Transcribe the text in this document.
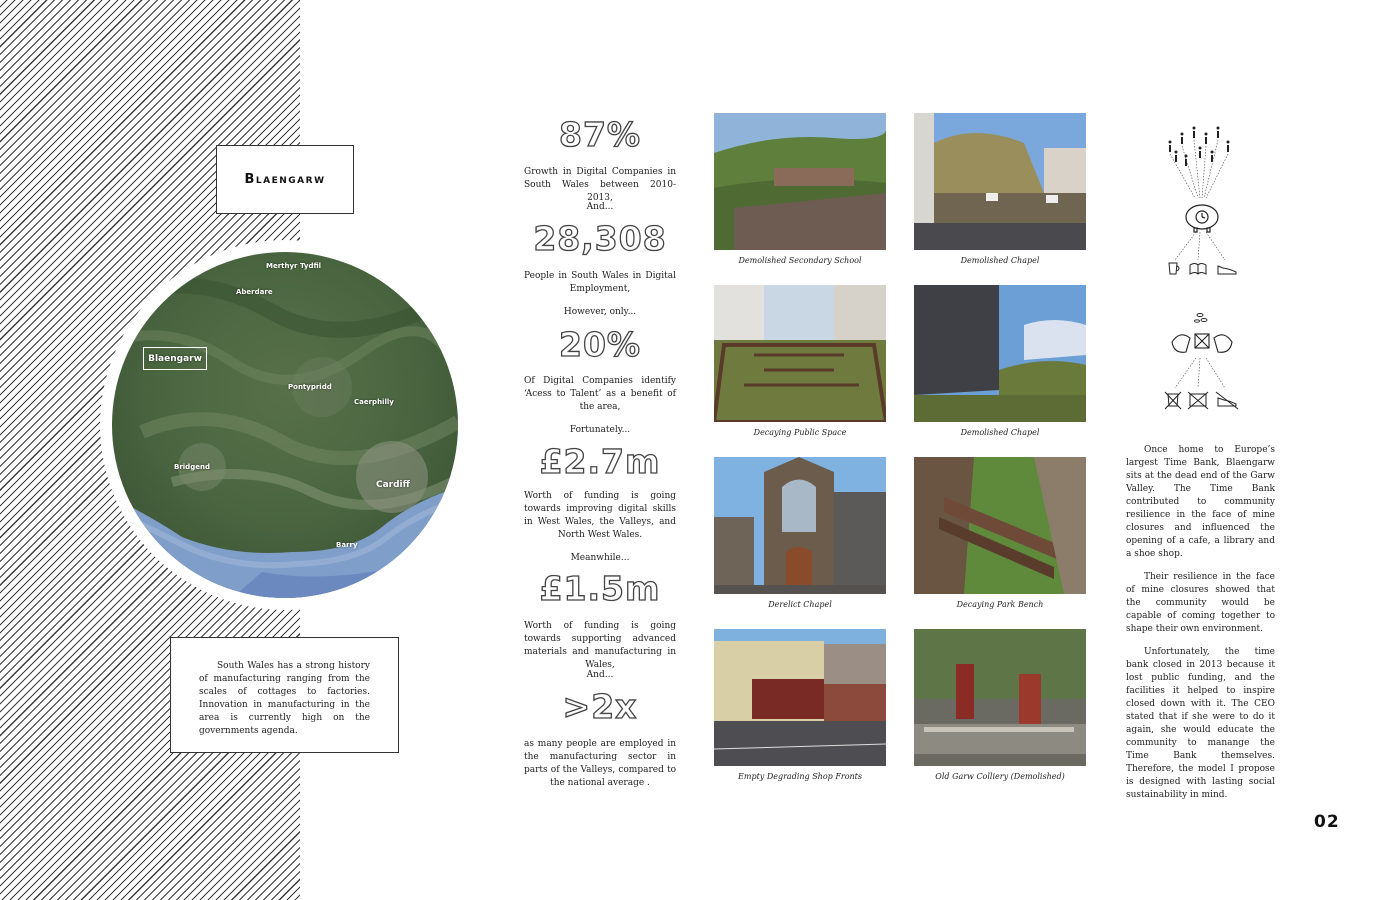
Blaengarw
Merthyr Tydfil
Aberdare
Pontypridd
Caerphilly
Bridgend
Cardiff
Barry
Blaengarw

South Wales has a strong history of manufacturing ranging from the scales of cottages to factories. Innovation in manufacturing in the area is currently high on the governments agenda.

87%
Growth in Digital Companies in South Wales between 2010-2013,
And...
28,308
People in South Wales in Digital Employment,
However, only...
20%
Of Digital Companies identify ‘Acess to Talent’ as a benefit of the area,
Fortunately...
£2.7m
Worth of funding is going towards improving digital skills in West Wales, the Valleys, and North West Wales.
Meanwhile...
£1.5m
Worth of funding is going towards supporting advanced materials and manufacturing in Wales,
And...
>2x
as many people are employed in the manufacturing sector in parts of the Valleys, compared to the national average .
Demolished Secondary School	Demolished Chapel
Decaying Public Space	Demolished Chapel
Derelict Chapel	Decaying Park Bench
Empty Degrading Shop Fronts	Old Garw Colliery (Demolished)

Once home to Europe’s largest Time Bank, Blaengarw sits at the dead end of the Garw Valley. The Time Bank contributed to community resilience in the face of mine closures and influenced the opening of a cafe, a library and a shoe shop.

Their resilience in the face of mine closures showed that the community would be capable of coming together to shape their own environment.

Unfortunately, the time bank closed in 2013 because it lost public funding, and the facilities it helped to inspire closed down with it. The CEO stated that if she were to do it again, she would educate the community to manange the Time Bank themselves. Therefore, the model I propose is designed with lasting social sustainability in mind.

02
